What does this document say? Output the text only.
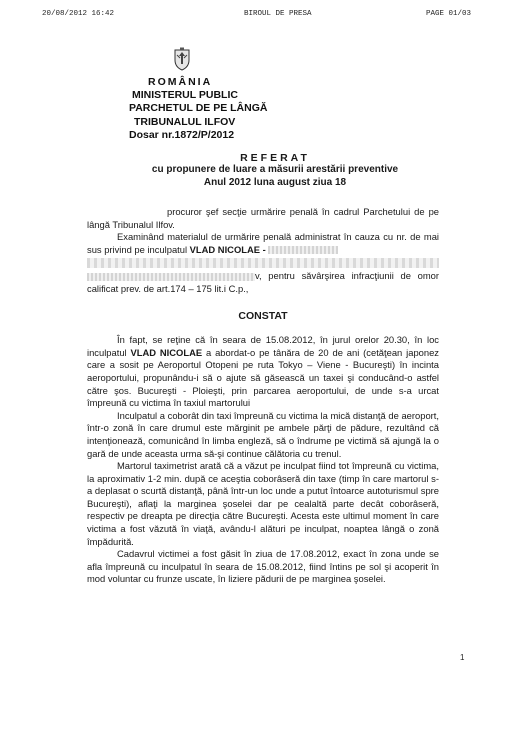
20/08/2012 16:42	BIROUL DE PRESA	PAGE 01/03
ROMÂNIA
MINISTERUL PUBLIC
PARCHETUL DE PE LÂNGĂ
TRIBUNALUL ILFOV
Dosar nr.1872/P/2012
REFERAT
cu propunere de luare a măsurii arestării preventive
Anul 2012 luna august ziua 18

procuror şef secţie urmărire penală în cadrul Parchetului de pe lângă Tribunalul Ilfov.

Examinând materialul de urmărire penală administrat în cauza cu nr. de mai sus privind pe inculpatul VLAD NICOLAE -

v, pentru săvârşirea infracţiunii de omor calificat prev. de art.174 – 175 lit.i C.p.,

CONSTAT

În fapt, se reţine că în seara de 15.08.2012, în jurul orelor 20.30, în loc inculpatul VLAD NICOLAE a abordat-o pe tânăra de 20 de ani (cetăţean japonez care a sosit pe Aeroportul Otopeni pe ruta Tokyo – Viene - Bucureşti) în incinta aeroportului, propunându-i să o ajute să găsească un taxei şi conducând-o astfel către şos. Bucureşti - Ploieşti, prin parcarea aeroportului, de unde s-a urcat împreună cu victima în taxiul martorului

Inculpatul a coborât din taxi împreună cu victima la mică distanţă de aeroport, într-o zonă în care drumul este mărginit pe ambele părţi de pădure, rezultând că intenţionează, comunicând în limba engleză, să o îndrume pe victimă să ajungă la o gară de unde aceasta urma să-şi continue călătoria cu trenul.

Martorul taximetrist arată că a văzut pe inculpat fiind tot împreună cu victima, la aproximativ 1-2 min. după ce aceştia coborâseră din taxe (timp în care martorul s-a deplasat o scurtă distanţă, până într-un loc unde a putut întoarce autoturismul spre Bucureşti), aflaţi la marginea şoselei dar pe cealaltă parte decât coborâseră, respectiv pe dreapta pe direcţia către Bucureşti. Acesta este ultimul moment în care victima a fost văzută în viaţă, avându-l alături pe inculpat, noaptea lângă o zonă împădurită.

Cadavrul victimei a fost găsit în ziua de 17.08.2012, exact în zona unde se afla împreună cu inculpatul în seara de 15.08.2012, fiind întins pe sol şi acoperit în mod voluntar cu frunze uscate, în liziere pădurii de pe marginea şoselei.

1
